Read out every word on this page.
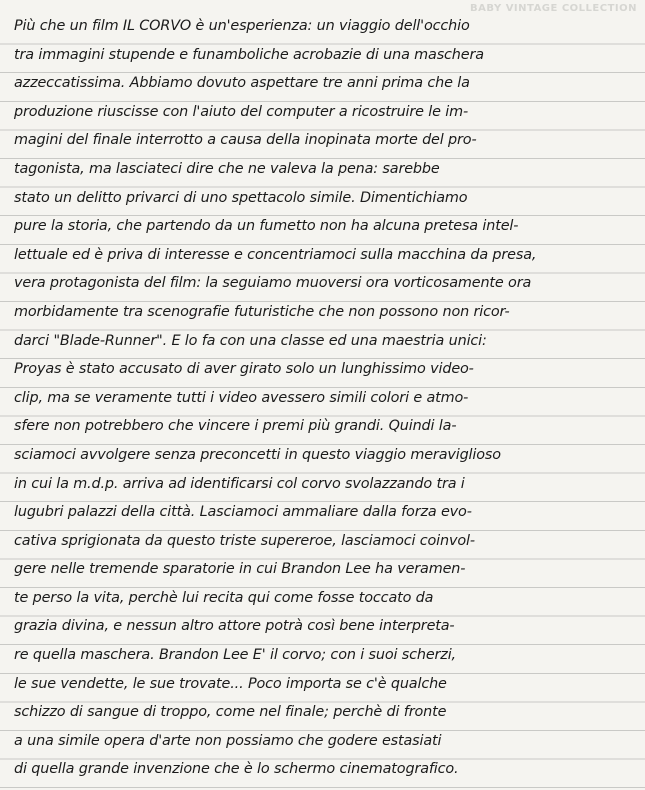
BABY VINTAGE COLLECTION
Più che un film IL CORVO è un'esperienza: un viaggio dell'occhio
tra immagini stupende e funamboliche acrobazie di una maschera
azzeccatissima. Abbiamo dovuto aspettare tre anni prima che la
produzione riuscisse con l'aiuto del computer a ricostruire le im-
magini del finale interrotto a causa della inopinata morte del pro-
tagonista, ma lasciateci dire che ne valeva la pena: sarebbe
stato un delitto privarci di uno spettacolo simile. Dimentichiamo
pure la storia, che partendo da un fumetto non ha alcuna pretesa intel-
lettuale ed è priva di interesse e concentriamoci sulla macchina da presa,
vera protagonista del film: la seguiamo muoversi ora vorticosamente ora
morbidamente tra scenografie futuristiche che non possono non ricor-
darci "Blade-Runner". E lo fa con una classe ed una maestria unici:
Proyas è stato accusato di aver girato solo un lunghissimo video-
clip, ma se veramente tutti i video avessero simili colori e atmo-
sfere non potrebbero che vincere i premi più grandi. Quindi la-
sciamoci avvolgere senza preconcetti in questo viaggio meraviglioso
in cui la m.d.p. arriva ad identificarsi col corvo svolazzando tra i
lugubri palazzi della città. Lasciamoci ammaliare dalla forza evo-
cativa sprigionata da questo triste supereroe, lasciamoci coinvol-
gere nelle tremende sparatorie in cui Brandon Lee ha veramen-
te perso la vita, perchè lui recita qui come fosse toccato da
grazia divina, e nessun altro attore potrà così bene interpreta-
re quella maschera. Brandon Lee E' il corvo; con i suoi scherzi,
le sue vendette, le sue trovate... Poco importa se c'è qualche
schizzo di sangue di troppo, come nel finale; perchè di fronte
a una simile opera d'arte non possiamo che godere estasiati
di quella grande invenzione che è lo schermo cinematografico.
